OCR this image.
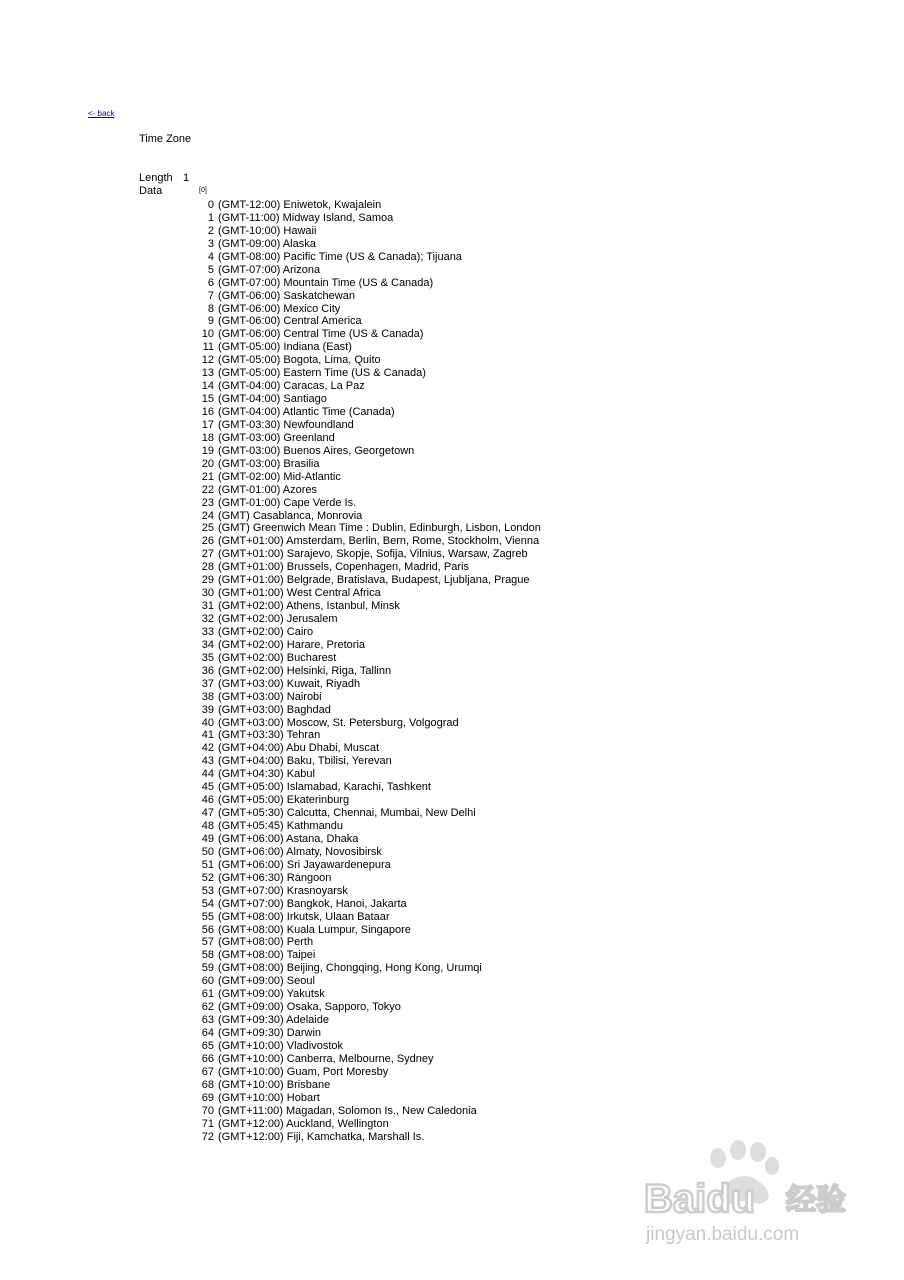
<- back
Time Zone
Length 1
Data	[0]
0 (GMT-12:00) Eniwetok, Kwajalein
1 (GMT-11:00) Midway Island, Samoa
2 (GMT-10:00) Hawaii
3 (GMT-09:00) Alaska
4 (GMT-08:00) Pacific Time (US & Canada); Tijuana
5 (GMT-07:00) Arizona
6 (GMT-07:00) Mountain Time (US & Canada)
7 (GMT-06:00) Saskatchewan
8 (GMT-06:00) Mexico City
9 (GMT-06:00) Central America
10 (GMT-06:00) Central Time (US & Canada)
11 (GMT-05:00) Indiana (East)
12 (GMT-05:00) Bogota, Lima, Quito
13 (GMT-05:00) Eastern Time (US & Canada)
14 (GMT-04:00) Caracas, La Paz
15 (GMT-04:00) Santiago
16 (GMT-04:00) Atlantic Time (Canada)
17 (GMT-03:30) Newfoundland
18 (GMT-03:00) Greenland
19 (GMT-03:00) Buenos Aires, Georgetown
20 (GMT-03:00) Brasilia
21 (GMT-02:00) Mid-Atlantic
22 (GMT-01:00) Azores
23 (GMT-01:00) Cape Verde Is.
24 (GMT) Casablanca, Monrovia
25 (GMT) Greenwich Mean Time : Dublin, Edinburgh, Lisbon, London
26 (GMT+01:00) Amsterdam, Berlin, Bern, Rome, Stockholm, Vienna
27 (GMT+01:00) Sarajevo, Skopje, Sofija, Vilnius, Warsaw, Zagreb
28 (GMT+01:00) Brussels, Copenhagen, Madrid, Paris
29 (GMT+01:00) Belgrade, Bratislava, Budapest, Ljubljana, Prague
30 (GMT+01:00) West Central Africa
31 (GMT+02:00) Athens, Istanbul, Minsk
32 (GMT+02:00) Jerusalem
33 (GMT+02:00) Cairo
34 (GMT+02:00) Harare, Pretoria
35 (GMT+02:00) Bucharest
36 (GMT+02:00) Helsinki, Riga, Tallinn
37 (GMT+03:00) Kuwait, Riyadh
38 (GMT+03:00) Nairobi
39 (GMT+03:00) Baghdad
40 (GMT+03:00) Moscow, St. Petersburg, Volgograd
41 (GMT+03:30) Tehran
42 (GMT+04:00) Abu Dhabi, Muscat
43 (GMT+04:00) Baku, Tbilisi, Yerevan
44 (GMT+04:30) Kabul
45 (GMT+05:00) Islamabad, Karachi, Tashkent
46 (GMT+05:00) Ekaterinburg
47 (GMT+05:30) Calcutta, Chennai, Mumbai, New Delhi
48 (GMT+05:45) Kathmandu
49 (GMT+06:00) Astana, Dhaka
50 (GMT+06:00) Almaty, Novosibirsk
51 (GMT+06:00) Sri Jayawardenepura
52 (GMT+06:30) Rangoon
53 (GMT+07:00) Krasnoyarsk
54 (GMT+07:00) Bangkok, Hanoi, Jakarta
55 (GMT+08:00) Irkutsk, Ulaan Bataar
56 (GMT+08:00) Kuala Lumpur, Singapore
57 (GMT+08:00) Perth
58 (GMT+08:00) Taipei
59 (GMT+08:00) Beijing, Chongqing, Hong Kong, Urumqi
60 (GMT+09:00) Seoul
61 (GMT+09:00) Yakutsk
62 (GMT+09:00) Osaka, Sapporo, Tokyo
63 (GMT+09:30) Adelaide
64 (GMT+09:30) Darwin
65 (GMT+10:00) Vladivostok
66 (GMT+10:00) Canberra, Melbourne, Sydney
67 (GMT+10:00) Guam, Port Moresby
68 (GMT+10:00) Brisbane
69 (GMT+10:00) Hobart
70 (GMT+11:00) Magadan, Solomon Is., New Caledonia
71 (GMT+12:00) Auckland, Wellington
72 (GMT+12:00) Fiji, Kamchatka, Marshall Is.
Baidu 经验
jingyan.baidu.com
